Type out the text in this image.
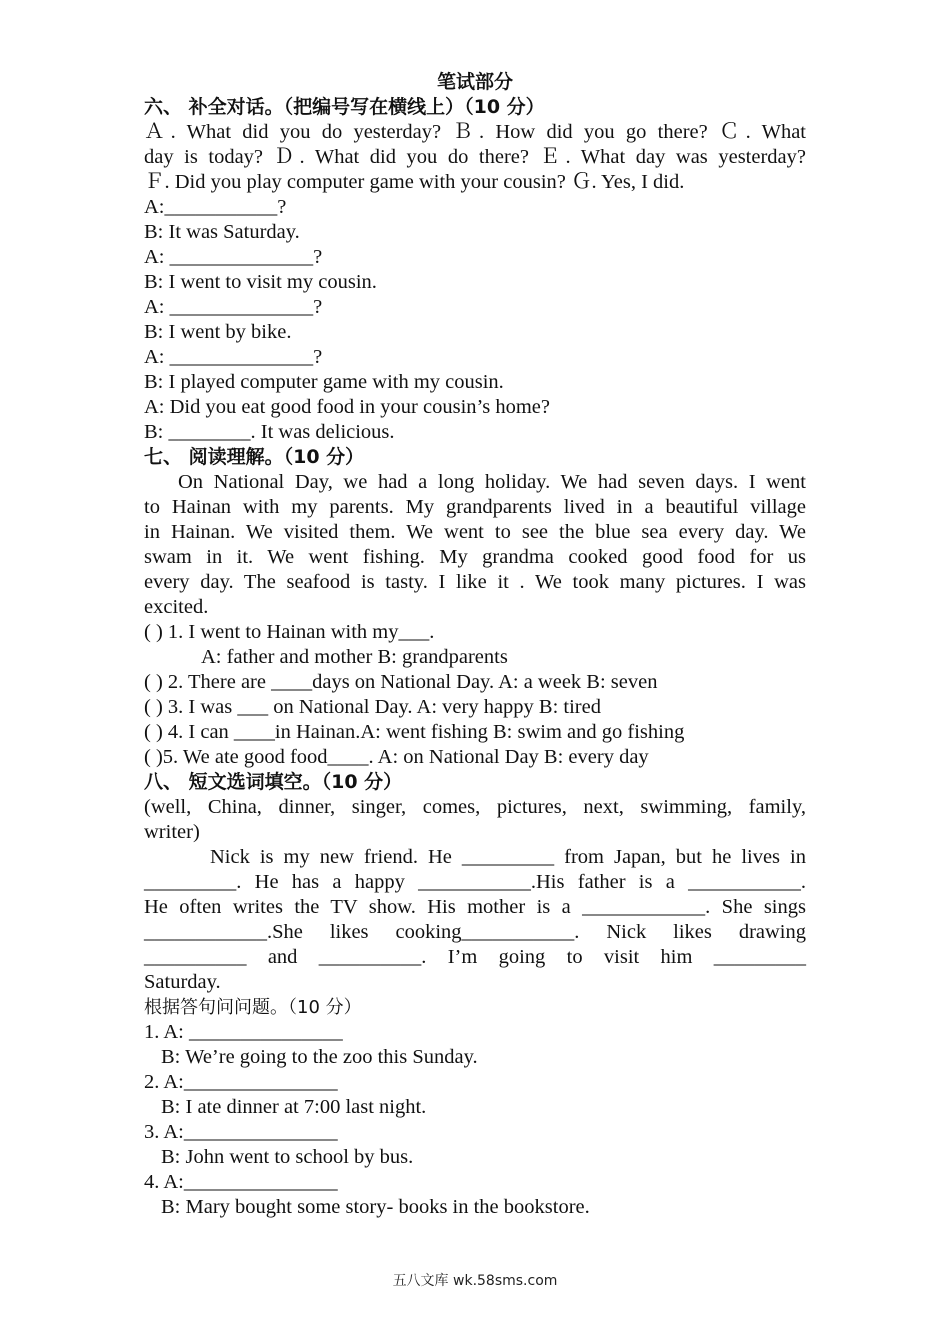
笔试部分
六、 补全对话。（把编号写在横线上）（10 分）
Ａ. What did you do yesterday? Ｂ. How did you go there? Ｃ. What
day is today? Ｄ. What did you do there? Ｅ. What day was yesterday?
Ｆ. Did you play computer game with your cousin? Ｇ. Yes, I did.
A:___________?
B: It was Saturday.
A: ______________?
B: I went to visit my cousin.
A: ______________?
B: I went by bike.
A: ______________?
B: I played computer game with my cousin.
A: Did you eat good food in your cousin’s home?
B: ________. It was delicious.
七、 阅读理解。（10 分）
On National Day, we had a long holiday. We had seven days. I went
to Hainan with my parents. My grandparents lived in a beautiful village
in Hainan. We visited them. We went to see the blue sea every day. We
swam in it. We went fishing. My grandma cooked good food for us
every day. The seafood is tasty. I like it . We took many pictures. I was
excited.
( ) 1. I went to Hainan with my___.
A: father and mother B: grandparents
( ) 2. There are ____days on National Day. A: a week B: seven
( ) 3. I was ___ on National Day. A: very happy B: tired
( ) 4. I can ____in Hainan.A: went fishing B: swim and go fishing
( )5. We ate good food____. A: on National Day B: every day
八、 短文选词填空。（10 分）
(well, China, dinner, singer, comes, pictures, next, swimming, family,
writer)
Nick is my new friend. He _________ from Japan, but he lives in
_________. He has a happy ___________.His father is a ___________.
He often writes the TV show. His mother is a ____________. She sings
____________.She likes cooking___________. Nick likes drawing
__________ and __________. I’m going to visit him _________
Saturday.
根据答句问问题。（10 分）
1. A: _______________
B: We’re going to the zoo this Sunday.
2. A:_______________
B: I ate dinner at 7:00 last night.
3. A:_______________
B: John went to school by bus.
4. A:_______________
B: Mary bought some story- books in the bookstore.
五八文库 wk.58sms.com
